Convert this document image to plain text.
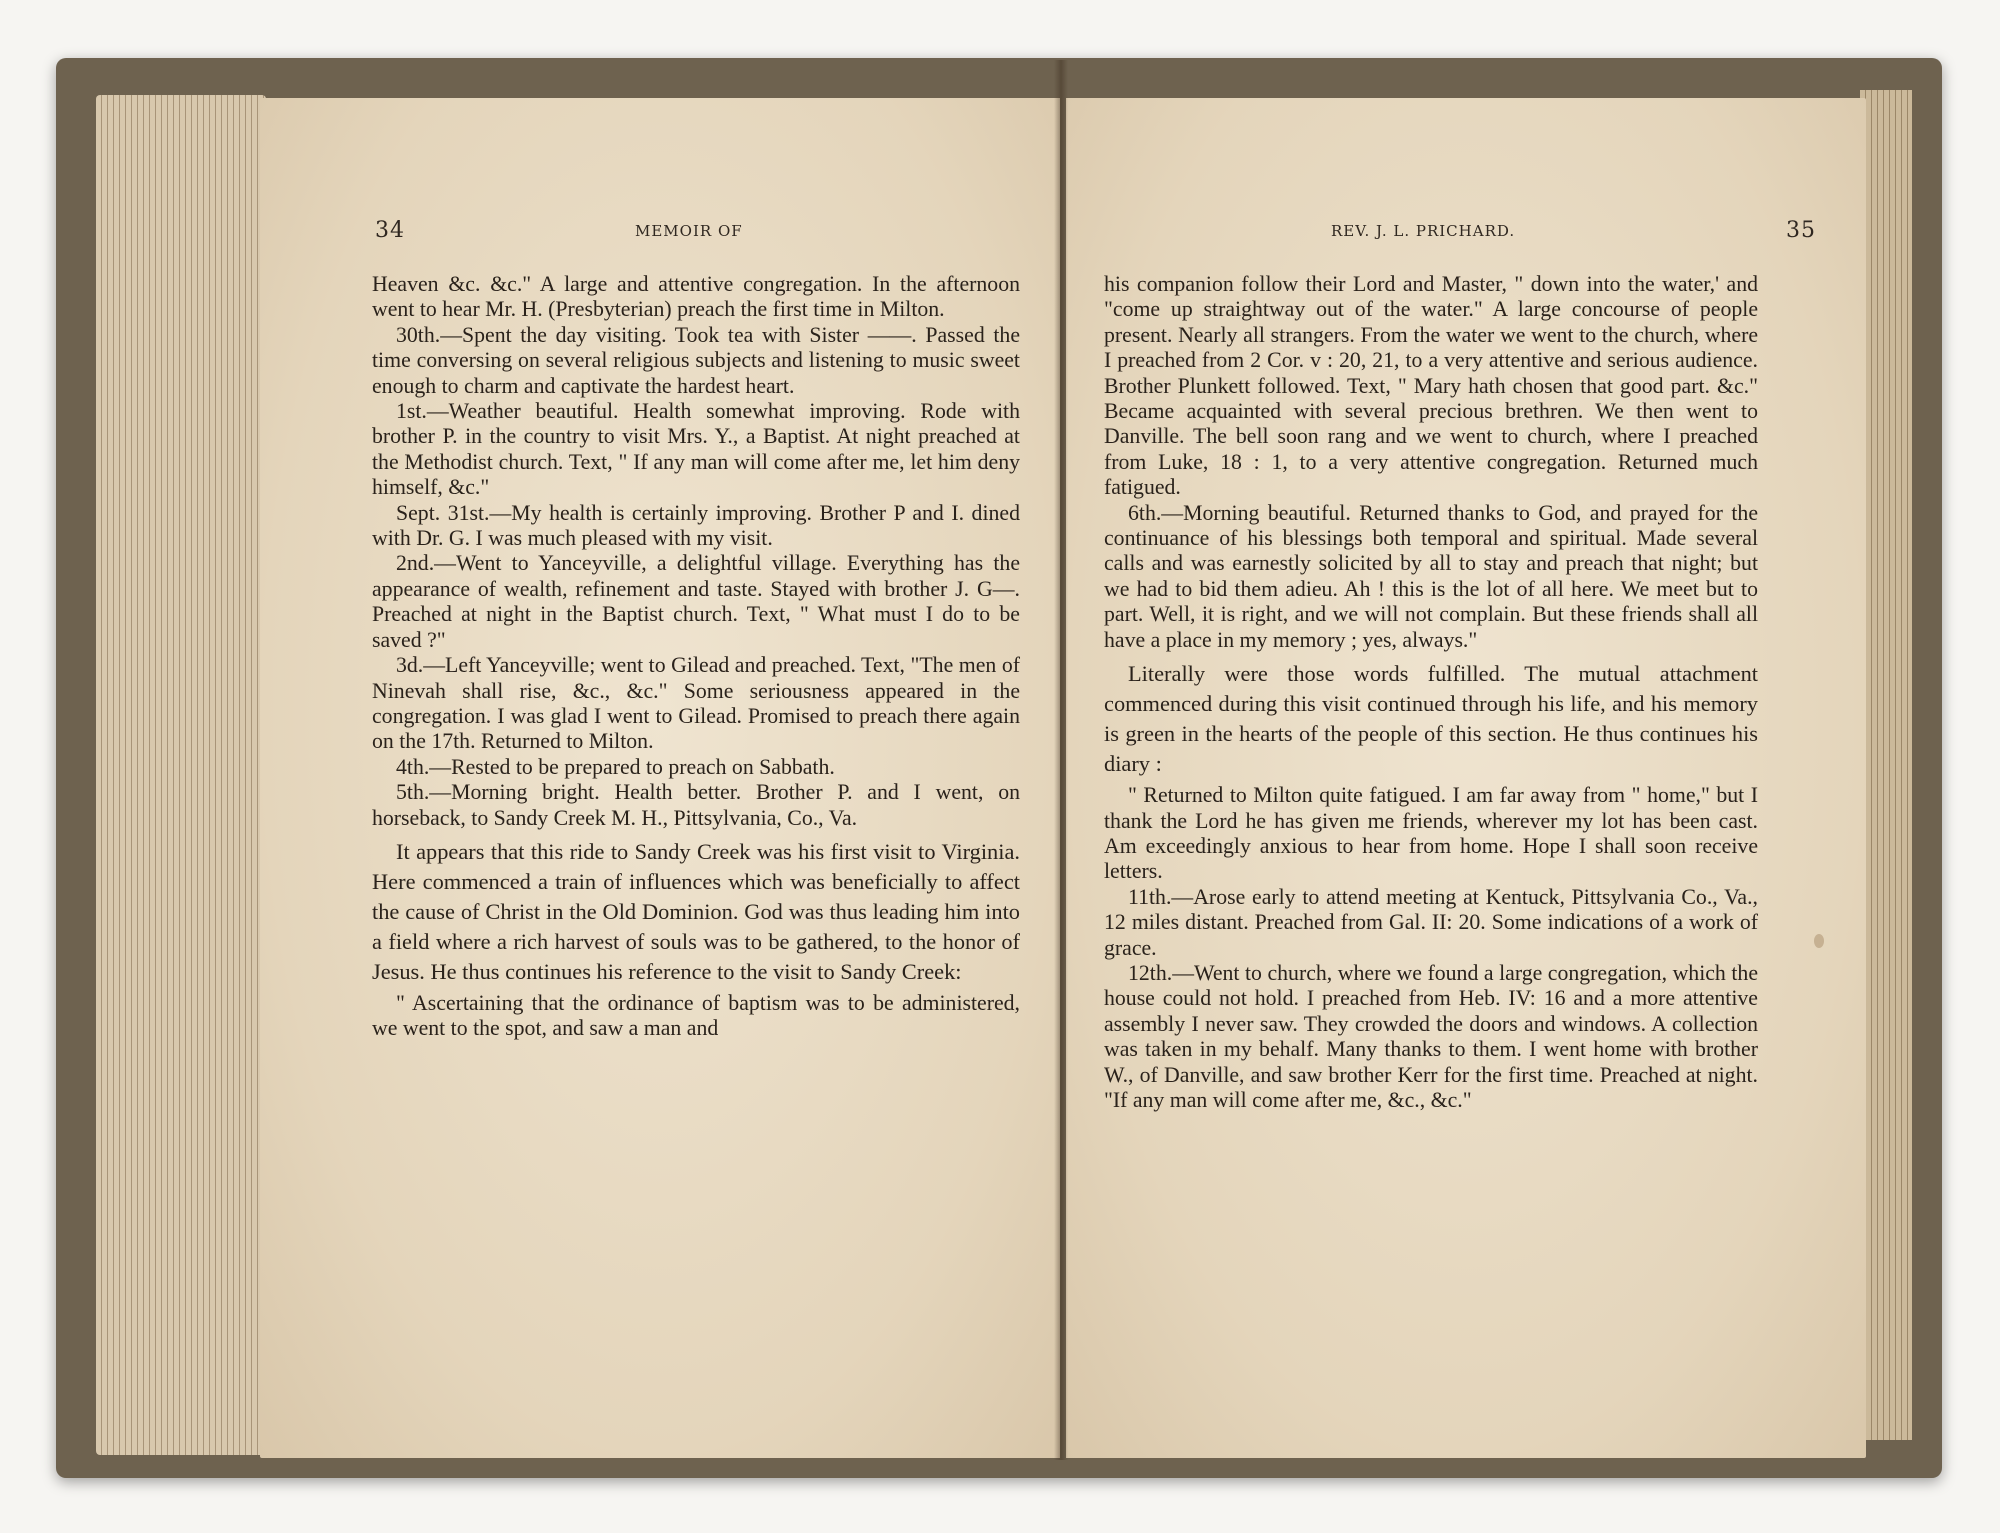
34	MEMOIR OF

Heaven &c. &c." A large and attentive congregation. In the afternoon went to hear Mr. H. (Presbyterian) preach the first time in Milton.

30th.—Spent the day visiting. Took tea with Sister ——. Passed the time conversing on several religious subjects and listening to music sweet enough to charm and captivate the hardest heart.

1st.—Weather beautiful. Health somewhat improving. Rode with brother P. in the country to visit Mrs. Y., a Baptist. At night preached at the Methodist church. Text, " If any man will come after me, let him deny himself, &c."

Sept. 31st.—My health is certainly improving. Brother P and I. dined with Dr. G. I was much pleased with my visit.

2nd.—Went to Yanceyville, a delightful village. Everything has the appearance of wealth, refinement and taste. Stayed with brother J. G—. Preached at night in the Baptist church. Text, " What must I do to be saved ?"

3d.—Left Yanceyville; went to Gilead and preached. Text, "The men of Ninevah shall rise, &c., &c." Some seriousness appeared in the congregation. I was glad I went to Gilead. Promised to preach there again on the 17th. Returned to Milton.

4th.—Rested to be prepared to preach on Sabbath.

5th.—Morning bright. Health better. Brother P. and I went, on horseback, to Sandy Creek M. H., Pittsylvania, Co., Va.

It appears that this ride to Sandy Creek was his first visit to Virginia. Here commenced a train of influences which was beneficially to affect the cause of Christ in the Old Dominion. God was thus leading him into a field where a rich harvest of souls was to be gathered, to the honor of Jesus. He thus continues his reference to the visit to Sandy Creek:

" Ascertaining that the ordinance of baptism was to be administered, we went to the spot, and saw a man and

REV. J. L. PRICHARD.	35

his companion follow their Lord and Master, " down into the water,' and "come up straightway out of the water." A large concourse of people present. Nearly all strangers. From the water we went to the church, where I preached from 2 Cor. v : 20, 21, to a very attentive and serious audience. Brother Plunkett followed. Text, " Mary hath chosen that good part. &c." Became acquainted with several precious brethren. We then went to Danville. The bell soon rang and we went to church, where I preached from Luke, 18 : 1, to a very attentive congregation. Returned much fatigued.

6th.—Morning beautiful. Returned thanks to God, and prayed for the continuance of his blessings both temporal and spiritual. Made several calls and was earnestly solicited by all to stay and preach that night; but we had to bid them adieu. Ah ! this is the lot of all here. We meet but to part. Well, it is right, and we will not complain. But these friends shall all have a place in my memory ; yes, always."

Literally were those words fulfilled. The mutual attachment commenced during this visit continued through his life, and his memory is green in the hearts of the people of this section. He thus continues his diary :

" Returned to Milton quite fatigued. I am far away from " home," but I thank the Lord he has given me friends, wherever my lot has been cast. Am exceedingly anxious to hear from home. Hope I shall soon receive letters.

11th.—Arose early to attend meeting at Kentuck, Pittsylvania Co., Va., 12 miles distant. Preached from Gal. II: 20. Some indications of a work of grace.

12th.—Went to church, where we found a large congregation, which the house could not hold. I preached from Heb. IV: 16 and a more attentive assembly I never saw. They crowded the doors and windows. A collection was taken in my behalf. Many thanks to them. I went home with brother W., of Danville, and saw brother Kerr for the first time. Preached at night. "If any man will come after me, &c., &c."
